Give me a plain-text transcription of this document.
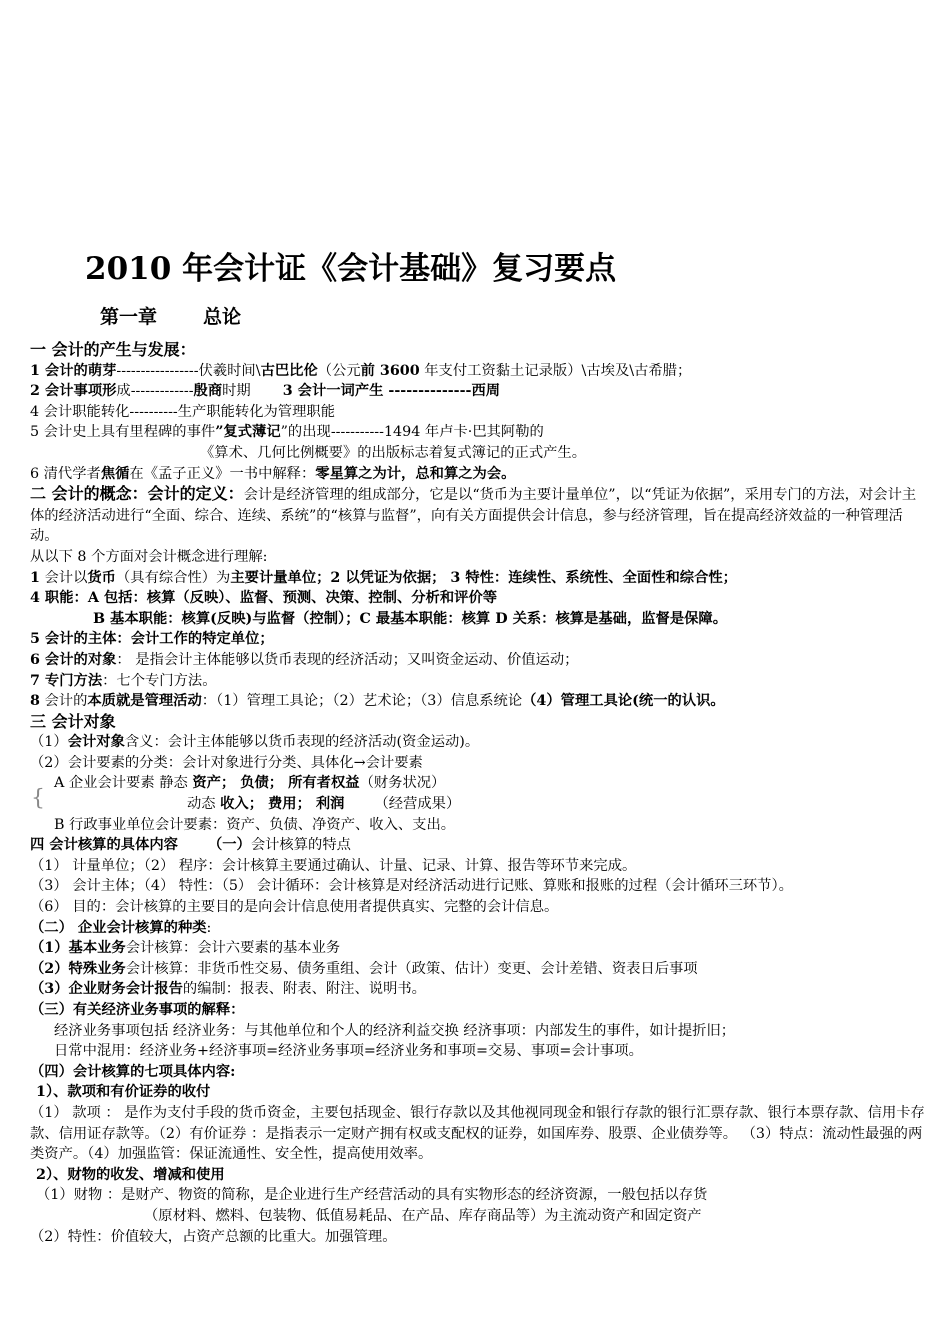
2010 年会计证《会计基础》复习要点
第一章 总论
{

一 会计的产生与发展：

1 会计的萌芽-----------------伏羲时间\古巴比伦（公元前 3600 年支付工资黏土记录版）\古埃及\古希腊；

2 会计事项形成-------------殷商时期 3 会计一词产生 --------------西周

4 会计职能转化----------生产职能转化为管理职能

5 会计史上具有里程碑的事件”复式薄记”的出现-----------1494 年卢卡·巴其阿勒的

《算术、几何比例概要》的出版标志着复式簿记的正式产生。

6 清代学者焦循在《孟子正义》一书中解释：零星算之为计，总和算之为会。

二 会计的概念：会计的定义：会计是经济管理的组成部分，它是以“货币为主要计量单位”，以“凭证为依据”，采用专门的方法，对会计主体的经济活动进行“全面、综合、连续、系统”的“核算与监督”，向有关方面提供会计信息，参与经济管理，旨在提高经济效益的一种管理活动。

从以下 8 个方面对会计概念进行理解:

1 会计以货币（具有综合性）为主要计量单位；2 以凭证为依据； 3 特性：连续性、系统性、全面性和综合性；

4 职能：A 包括：核算（反映）、监督、预测、决策、控制、分析和评价等

B 基本职能：核算(反映)与监督（控制）；C 最基本职能：核算 D 关系：核算是基础，监督是保障。

5 会计的主体：会计工作的特定单位；

6 会计的对象： 是指会计主体能够以货币表现的经济活动；又叫资金运动、价值运动；

7 专门方法：七个专门方法。

8 会计的本质就是管理活动：（1）管理工具论；（2）艺术论；（3）信息系统论（4）管理工具论(统一的认识。

三 会计对象

（1）会计对象含义：会计主体能够以货币表现的经济活动(资金运动)。

（2）会计要素的分类：会计对象进行分类、具体化→会计要素

A 企业会计要素 静态 资产； 负债； 所有者权益（财务状况）

动态 收入； 费用； 利润 （经营成果）

B 行政事业单位会计要素：资产、负债、净资产、收入、支出。

四 会计核算的具体内容 （一）会计核算的特点

（1） 计量单位；（2） 程序：会计核算主要通过确认、计量、记录、计算、报告等环节来完成。

（3） 会计主体；（4） 特性：（5） 会计循环：会计核算是对经济活动进行记账、算账和报账的过程（会计循环三环节）。

（6） 目的：会计核算的主要目的是向会计信息使用者提供真实、完整的会计信息。

（二） 企业会计核算的种类:

（1）基本业务会计核算：会计六要素的基本业务

（2）特殊业务会计核算：非货币性交易、债务重组、会计（政策、估计）变更、会计差错、资表日后事项

（3）企业财务会计报告的编制：报表、附表、附注、说明书。

（三）有关经济业务事项的解释：

经济业务事项包括 经济业务：与其他单位和个人的经济利益交换 经济事项：内部发生的事件，如计提折旧；

日常中混用：经济业务+经济事项=经济业务事项=经济业务和事项=交易、事项=会计事项。

（四）会计核算的七项具体内容:

1）、款项和有价证券的收付

（1） 款项 ： 是作为支付手段的货币资金，主要包括现金、银行存款以及其他视同现金和银行存款的银行汇票存款、银行本票存款、信用卡存款、信用证存款等。（2）有价证券 ：是指表示一定财产拥有权或支配权的证券，如国库券、股票、企业债券等。 （3）特点：流动性最强的两类资产。（4）加强监管：保证流通性、安全性，提高使用效率。

2）、财物的收发、增减和使用

（1）财物 ：是财产、物资的简称，是企业进行生产经营活动的具有实物形态的经济资源，一般包括以存货

（原材料、燃料、包装物、低值易耗品、在产品、库存商品等）为主流动资产和固定资产

（2）特性：价值较大，占资产总额的比重大。加强管理。
